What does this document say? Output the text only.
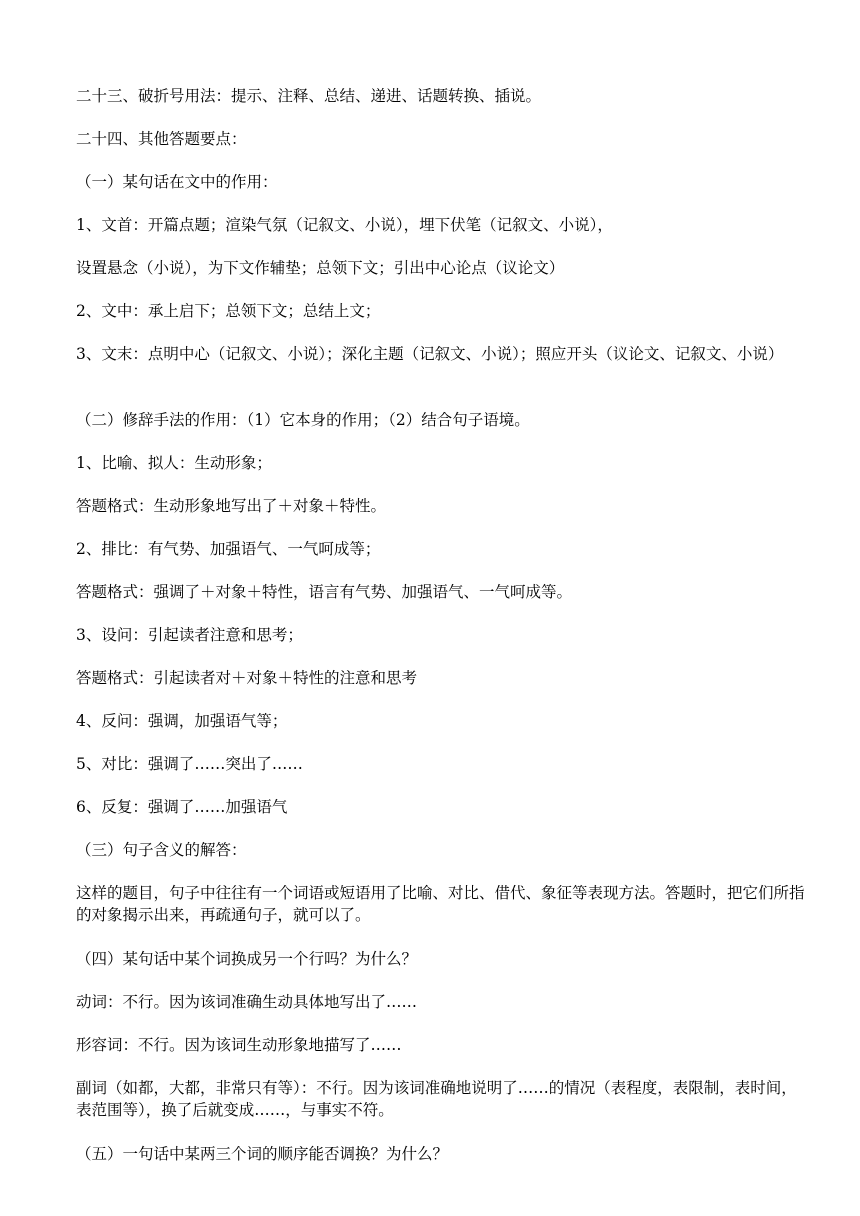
二十三、破折号用法：提示、注释、总结、递进、话题转换、插说。

二十四、其他答题要点：

（一）某句话在文中的作用：

1、文首：开篇点题；渲染气氛（记叙文、小说），埋下伏笔（记叙文、小说），

设置悬念（小说），为下文作辅垫；总领下文；引出中心论点（议论文）

2、文中：承上启下；总领下文；总结上文；

3、文末：点明中心（记叙文、小说）；深化主题（记叙文、小说）；照应开头（议论文、记叙文、小说）

（二）修辞手法的作用：（1）它本身的作用；（2）结合句子语境。

1、比喻、拟人：生动形象；

答题格式：生动形象地写出了＋对象＋特性。

2、排比：有气势、加强语气、一气呵成等；

答题格式：强调了＋对象＋特性，语言有气势、加强语气、一气呵成等。

3、设问：引起读者注意和思考；

答题格式：引起读者对＋对象＋特性的注意和思考

4、反问：强调，加强语气等；

5、对比：强调了……突出了……

6、反复：强调了……加强语气

（三）句子含义的解答：

这样的题目，句子中往往有一个词语或短语用了比喻、对比、借代、象征等表现方法。答题时，把它们所指的对象揭示出来，再疏通句子，就可以了。

（四）某句话中某个词换成另一个行吗？为什么？

动词：不行。因为该词准确生动具体地写出了……

形容词：不行。因为该词生动形象地描写了……

副词（如都，大都，非常只有等）：不行。因为该词准确地说明了……的情况（表程度，表限制，表时间，表范围等），换了后就变成……，与事实不符。

（五）一句话中某两三个词的顺序能否调换？为什么？
